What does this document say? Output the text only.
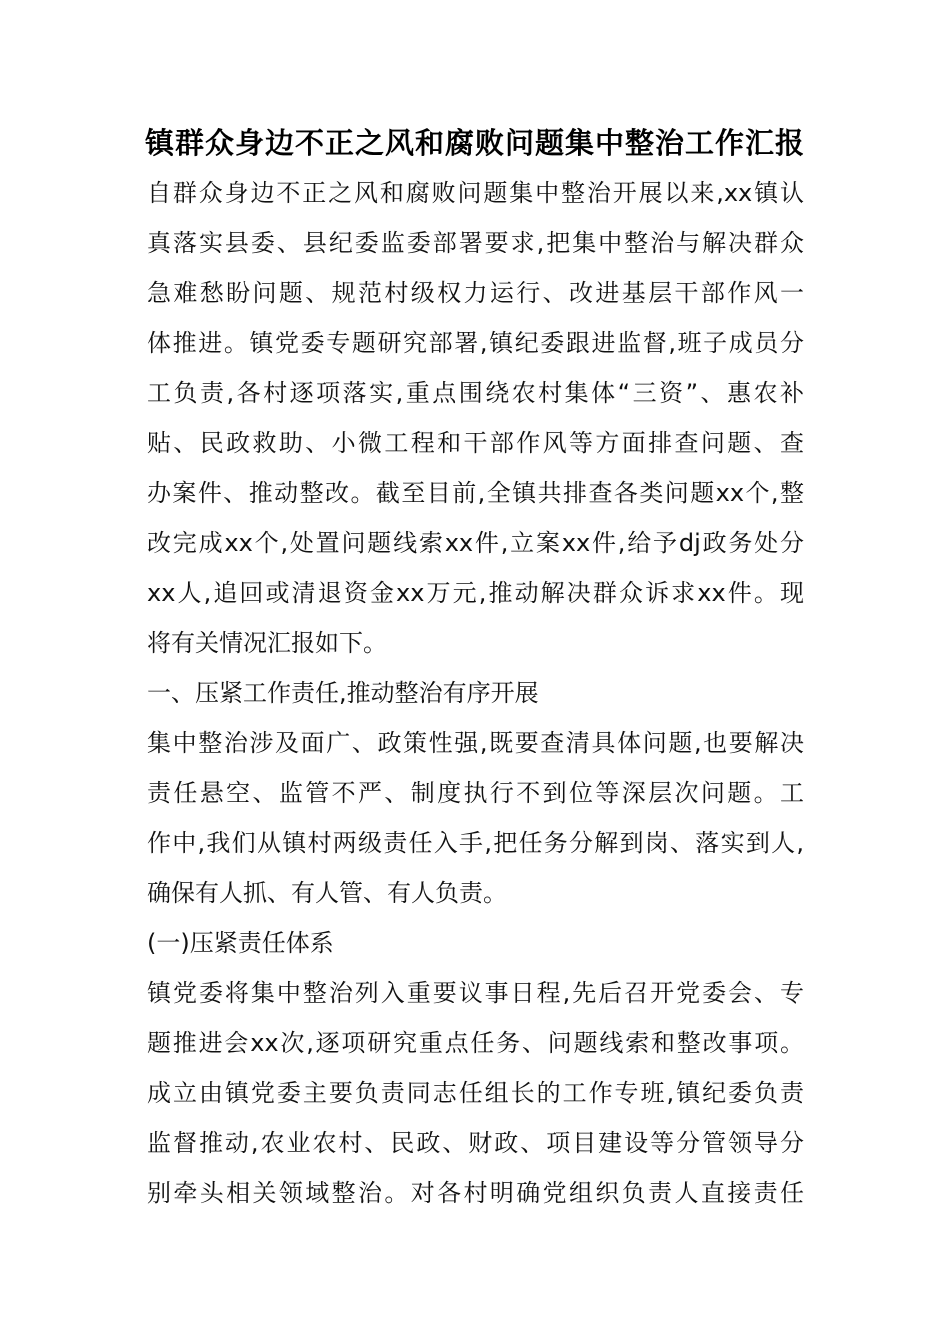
镇群众身边不正之风和腐败问题集中整治工作汇报
自群众身边不正之风和腐败问题集中整治开展以来,xx镇认
真落实县委、县纪委监委部署要求,把集中整治与解决群众
急难愁盼问题、规范村级权力运行、改进基层干部作风一
体推进。镇党委专题研究部署,镇纪委跟进监督,班子成员分
工负责,各村逐项落实,重点围绕农村集体“三资”、惠农补
贴、民政救助、小微工程和干部作风等方面排查问题、查
办案件、推动整改。截至目前,全镇共排查各类问题xx个,整
改完成xx个,处置问题线索xx件,立案xx件,给予dj政务处分
xx人,追回或清退资金xx万元,推动解决群众诉求xx件。现
将有关情况汇报如下。
一、压紧工作责任,推动整治有序开展
集中整治涉及面广、政策性强,既要查清具体问题,也要解决
责任悬空、监管不严、制度执行不到位等深层次问题。工
作中,我们从镇村两级责任入手,把任务分解到岗、落实到人,
确保有人抓、有人管、有人负责。
(一)压紧责任体系
镇党委将集中整治列入重要议事日程,先后召开党委会、专
题推进会xx次,逐项研究重点任务、问题线索和整改事项。
成立由镇党委主要负责同志任组长的工作专班,镇纪委负责
监督推动,农业农村、民政、财政、项目建设等分管领导分
别牵头相关领域整治。对各村明确党组织负责人直接责任
